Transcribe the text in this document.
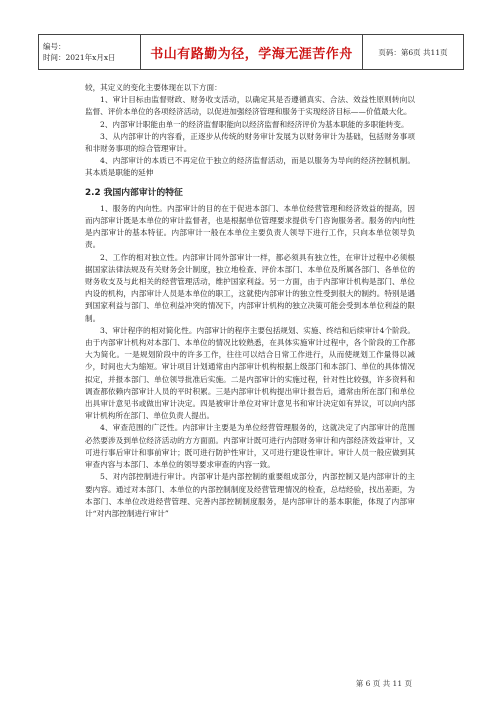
编号：
时间：2021年x月x日	书山有路勤为径，学海无涯苦作舟	页码：第6页 共11页

较，其定义的变化主要体现在以下方面：

1、审计目标由监督财政、财务收支活动，以确定其是否遵循真实、合法、效益性原则转向以监督、评价本单位的各项经济活动，以促进加强经济管理和服务于实现经济目标——价值最大化。

2、内部审计职能由单一的经济监督职能向以经济监督和经济评价为基本职能的多职能转变。

3、从内部审计的内容看，正逐步从传统的财务审计发展为以财务审计为基础，包括财务事项和非财务事项的综合管理审计。

4、内部审计的本质已不再定位于独立的经济监督活动，而是以服务为导向的经济控制机制。其本质是职能的延伸

2.2 我国内部审计的特征

1、服务的内向性。内部审计的目的在于促进本部门、本单位经营管理和经济效益的提高，因而内部审计既是本单位的审计监督者，也是根据单位管理要求提供专门咨询服务者。服务的内向性是内部审计的基本特征。内部审计一般在本单位主要负责人领导下进行工作，只向本单位领导负责。

2、工作的相对独立性。内部审计同外部审计一样，都必须具有独立性，在审计过程中必须根据国家法律法规及有关财务会计制度，独立地检查、评价本部门、本单位及所属各部门、各单位的财务收支及与此相关的经营管理活动，维护国家利益。另一方面，由于内部审计机构是部门、单位内设的机构，内部审计人员是本单位的职工，这就使内部审计的独立性受到很大的制约。特别是遇到国家利益与部门、单位利益冲突的情况下，内部审计机构的独立决策可能会受到本单位利益的限制。

3、审计程序的相对简化性。内部审计的程序主要包括规划、实施、终结和后续审计4个阶段。由于内部审计机构对本部门、本单位的情况比较熟悉，在具体实施审计过程中，各个阶段的工作都大为简化。一是规划阶段中的许多工作，往往可以结合日常工作进行，从而使规划工作量得以减少，时间也大为缩短。审计项目计划通常由内部审计机构根据上级部门和本部门、单位的具体情况拟定，并报本部门、单位领导批准后实施。二是内部审计的实施过程，针对性比较强，许多资料和调查都依赖内部审计人员的平时积累。三是内部审计机构提出审计报告后，通常由所在部门和单位出具审计意见书或做出审计决定。四是被审计单位对审计意见书和审计决定如有异议，可以向内部审计机构所在部门、单位负责人提出。

4、审查范围的广泛性。内部审计主要是为单位经营管理服务的，这就决定了内部审计的范围必然要涉及到单位经济活动的方方面面。内部审计既可进行内部财务审计和内部经济效益审计，又可进行事后审计和事前审计；既可进行防护性审计，又可进行建设性审计。审计人员一般应做到其审查内容与本部门、本单位的领导要求审查的内容一致。

5、对内部控制进行审计。内部审计是内部控制的重要组成部分，内部控制又是内部审计的主要内容。通过对本部门、本单位的内部控制制度及经营管理情况的检查，总结经验，找出差距，为本部门、本单位改进经营管理、完善内部控制制度服务，是内部审计的基本职能，体现了内部审计“对内部控制进行审计”

第 6 页 共 11 页
